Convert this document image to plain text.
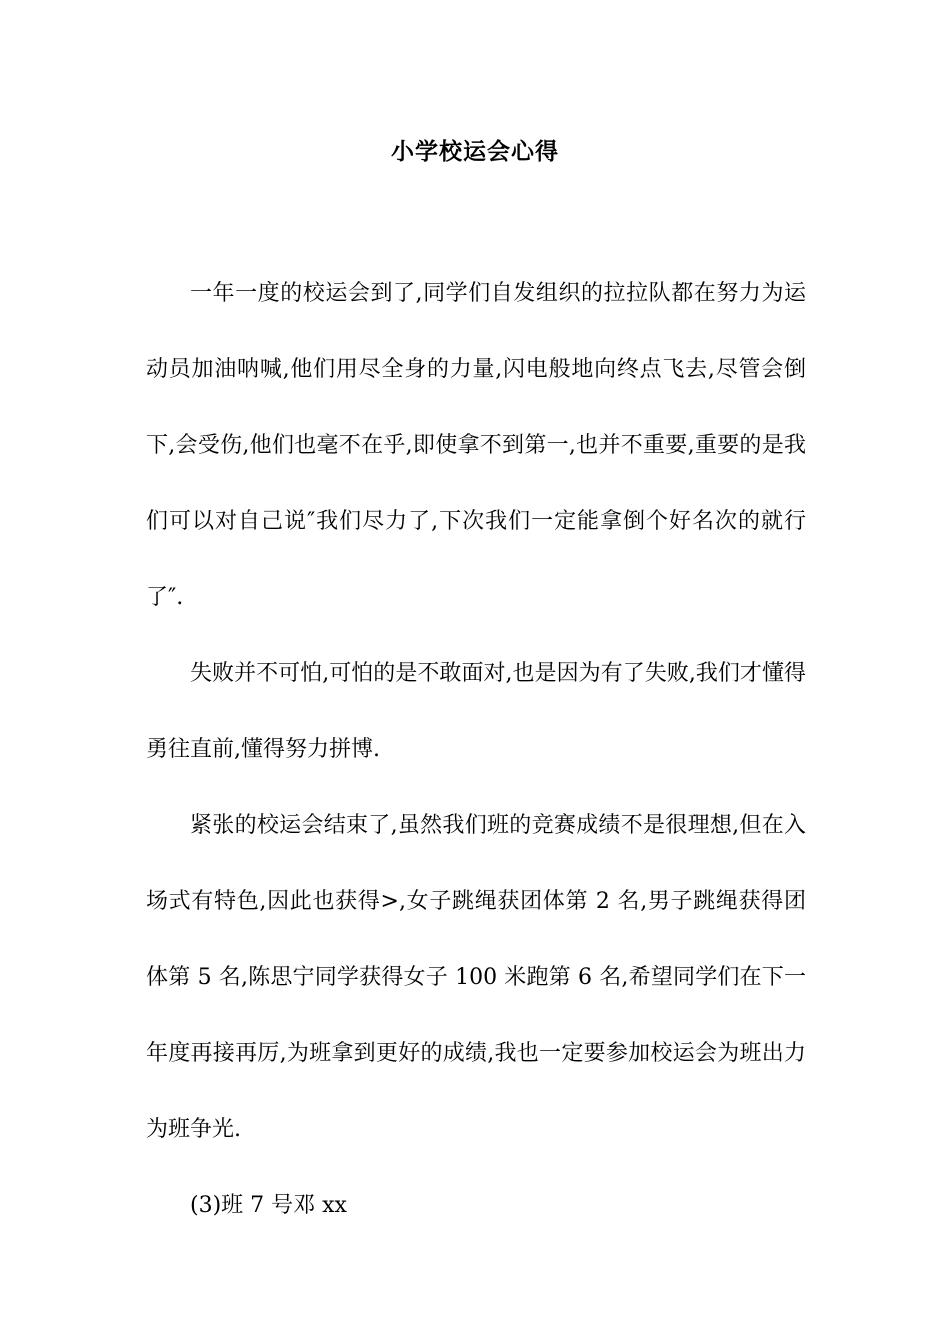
小学校运会心得

一年一度的校运会到了,同学们自发组织的拉拉队都在努力为运动员加油呐喊,他们用尽全身的力量,闪电般地向终点飞去,尽管会倒下,会受伤,他们也毫不在乎,即使拿不到第一,也并不重要,重要的是我们可以对自己说″我们尽力了,下次我们一定能拿倒个好名次的就行了″.

失败并不可怕,可怕的是不敢面对,也是因为有了失败,我们才懂得勇往直前,懂得努力拼博.

紧张的校运会结束了,虽然我们班的竞赛成绩不是很理想,但在入场式有特色,因此也获得>,女子跳绳获团体第 2 名,男子跳绳获得团体第 5 名,陈思宁同学获得女子 100 米跑第 6 名,希望同学们在下一年度再接再厉,为班拿到更好的成绩,我也一定要参加校运会为班出力为班争光.

(3)班 7 号邓 xx
